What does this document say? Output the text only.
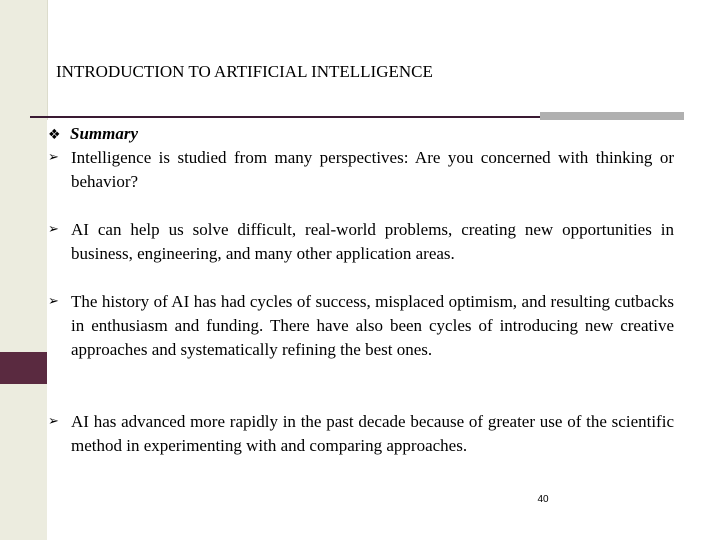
INTRODUCTION TO ARTIFICIAL INTELLIGENCE
❖ Summary
➢ Intelligence is studied from many perspectives: Are you concerned with thinking or behavior?
➢ AI can help us solve difficult, real-world problems, creating new opportunities in business, engineering, and many other application areas.
➢ The history of AI has had cycles of success, misplaced optimism, and resulting cutbacks in enthusiasm and funding. There have also been cycles of introducing new creative approaches and systematically refining the best ones.
➢ AI has advanced more rapidly in the past decade because of greater use of the scientific method in experimenting with and comparing approaches.
40
